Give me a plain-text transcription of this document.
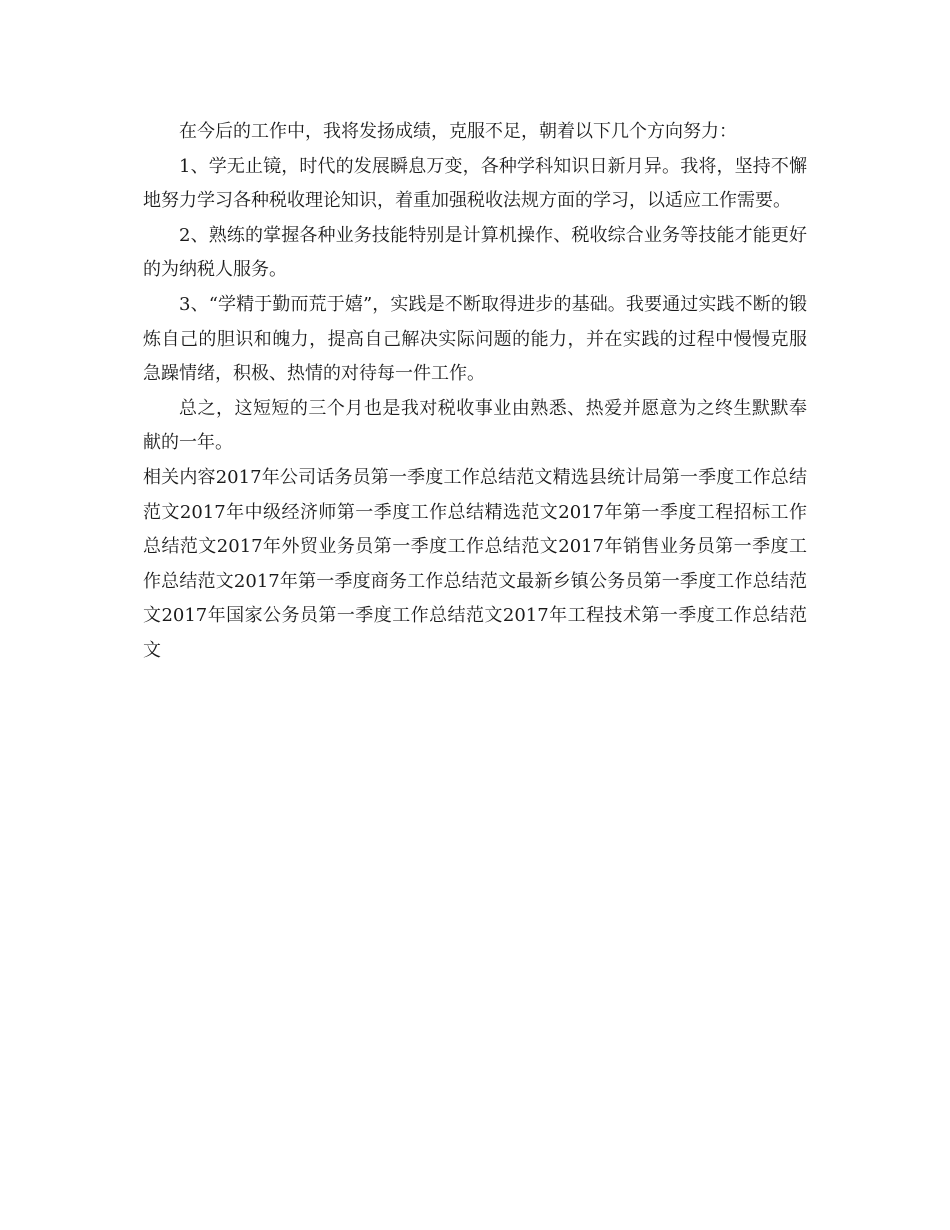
在今后的工作中，我将发扬成绩，克服不足，朝着以下几个方向努力：

1、学无止镜，时代的发展瞬息万变，各种学科知识日新月异。我将，坚持不懈地努力学习各种税收理论知识，着重加强税收法规方面的学习，以适应工作需要。

2、熟练的掌握各种业务技能特别是计算机操作、税收综合业务等技能才能更好的为纳税人服务。

3、“学精于勤而荒于嬉”，实践是不断取得进步的基础。我要通过实践不断的锻炼自己的胆识和魄力，提高自己解决实际问题的能力，并在实践的过程中慢慢克服急躁情绪，积极、热情的对待每一件工作。

总之，这短短的三个月也是我对税收事业由熟悉、热爱并愿意为之终生默默奉献的一年。

相关内容2017年公司话务员第一季度工作总结范文精选县统计局第一季度工作总结范文2017年中级经济师第一季度工作总结精选范文2017年第一季度工程招标工作总结范文2017年外贸业务员第一季度工作总结范文2017年销售业务员第一季度工作总结范文2017年第一季度商务工作总结范文最新乡镇公务员第一季度工作总结范文2017年国家公务员第一季度工作总结范文2017年工程技术第一季度工作总结范文
